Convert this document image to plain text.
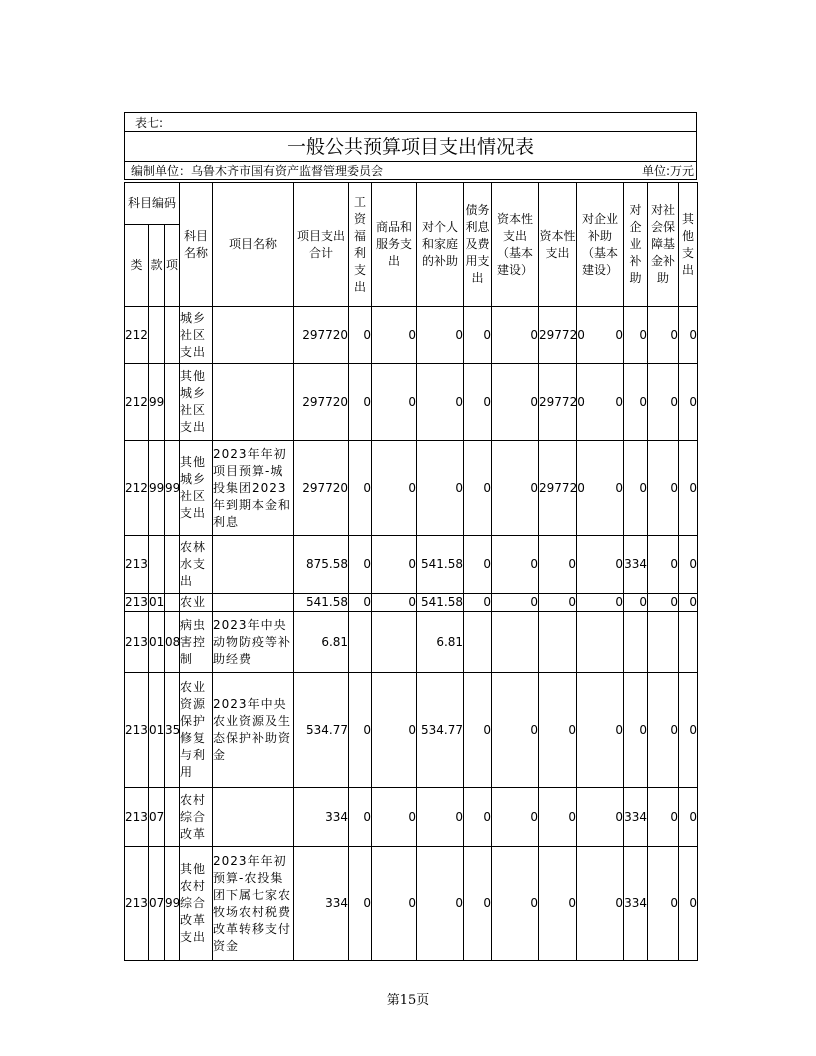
表七:
一般公共预算项目支出情况表
编制单位：乌鲁木齐市国有资产监督管理委员会	单位:万元
科目编码			科目名称	项目名称	项目支出合计	工资福利支出	商品和服务支出	对个人和家庭的补助	债务利息及费用支出	资本性支出（基本建设）	资本性支出	对企业补助（基本建设）	对企业补助	对社会保障基金补助	其他支出
类	款	项													
212			城乡社区支出		297720	0	0	0	0	0	297720	0	0	0	0
212	99		其他城乡社区支出		297720	0	0	0	0	0	297720	0	0	0	0
212	99	99	其他城乡社区支出	2023年年初项目预算-城投集团2023年到期本金和利息	297720	0	0	0	0	0	297720	0	0	0	0
213			农林水支出		875.58	0	0	541.58	0	0	0	0	334	0	0
213	01		农业		541.58	0	0	541.58	0	0	0	0	0	0	0
213	01	08	病虫害控制	2023年中央动物防疫等补助经费	6.81			6.81							
213	01	35	农业资源保护修复与利用	2023年中央农业资源及生态保护补助资金	534.77	0	0	534.77	0	0	0	0	0	0	0
213	07		农村综合改革		334	0	0	0	0	0	0	0	334	0	0
213	07	99	其他农村综合改革支出	2023年年初预算-农投集团下属七家农牧场农村税费改革转移支付资金	334	0	0	0	0	0	0	0	334	0	0
第15页
